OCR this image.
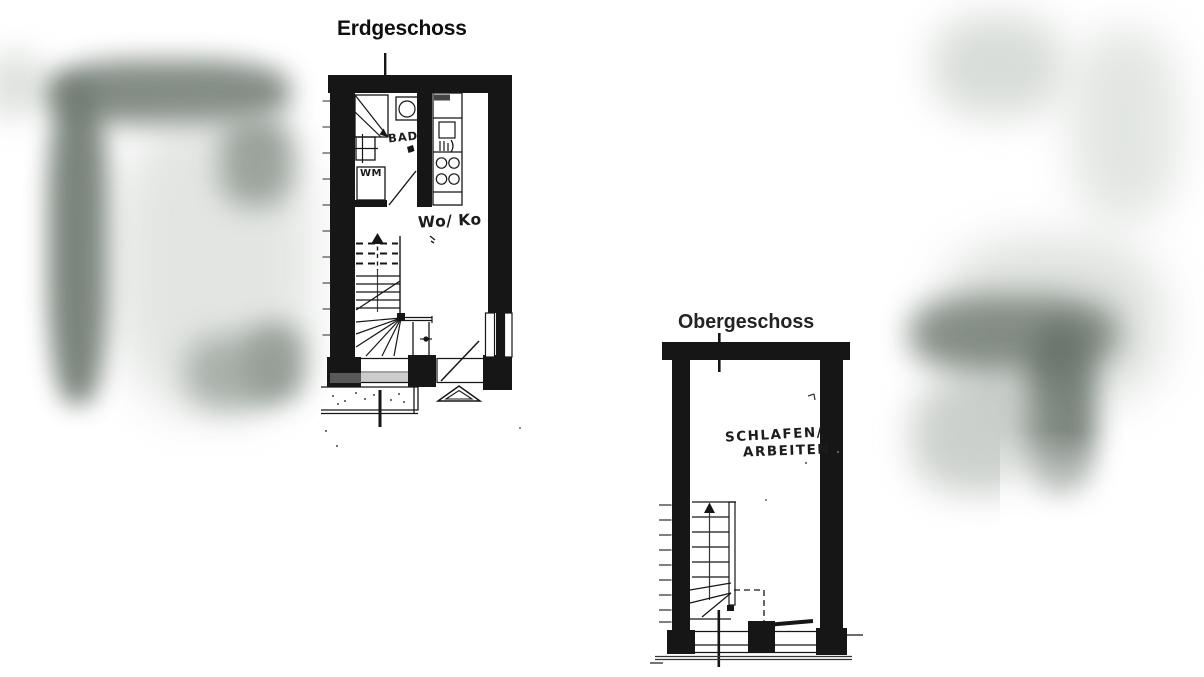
Erdgeschoss
Obergeschoss
BAD
WM
Wo/ Ko
SCHLAFEN/
ARBEITEN
